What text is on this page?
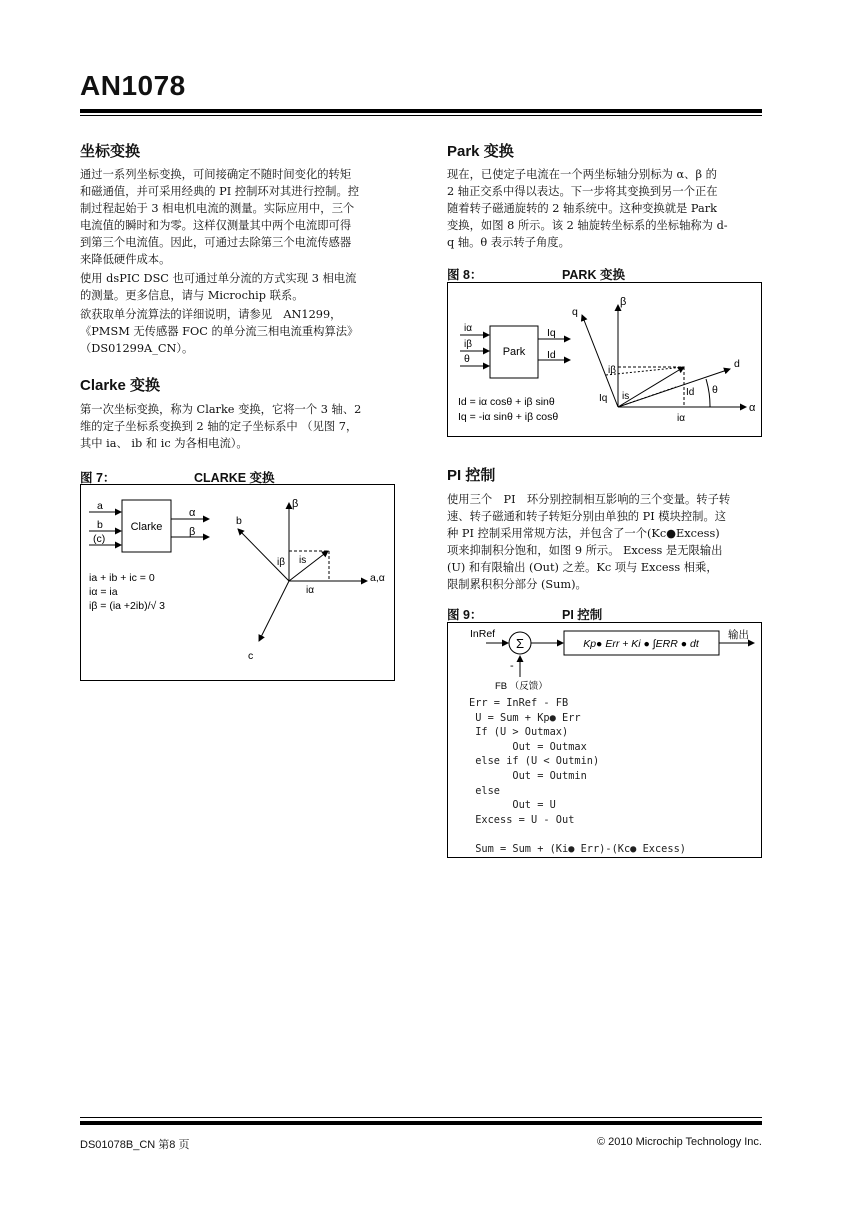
AN1078
坐标变换
通过一系列坐标变换，可间接确定不随时间变化的转矩
和磁通值，并可采用经典的 PI 控制环对其进行控制。控
制过程起始于 3 相电机电流的测量。实际应用中，三个
电流值的瞬时和为零。这样仅测量其中两个电流即可得
到第三个电流值。因此，可通过去除第三个电流传感器
来降低硬件成本。
使用 dsPIC DSC 也可通过单分流的方式实现 3 相电流
的测量。更多信息，请与 Microchip 联系。
欲获取单分流算法的详细说明，请参见　AN1299，
《PMSM 无传感器 FOC 的单分流三相电流重构算法》
（DS01299A_CN）。
Clarke 变换
第一次坐标变换，称为 Clarke 变换，它将一个 3 轴、2
维的定子坐标系变换到 2 轴的定子坐标系中 （见图 7，
其中 ia、 ib 和 ic 为各相电流）。
图 7：	CLARKE 变换
a
b
(c)
Clarke
α
β
ia + ib + ic = 0
iα = ia
iβ = (ia +2ib)/√ 3
β
b
c
a,α
is
iβ
iα
Park 变换
现在，已使定子电流在一个两坐标轴分别标为 α、β 的
2 轴正交系中得以表达。下一步将其变换到另一个正在
随着转子磁通旋转的 2 轴系统中。这种变换就是 Park
变换，如图 8 所示。该 2 轴旋转坐标系的坐标轴称为 d-
q 轴。θ 表示转子角度。
图 8：	PARK 变换
iα
iβ
θ
Park
Iq
Id
Id = iα cosθ + iβ sinθ
Iq = -iα sinθ + iβ cosθ
β
q
d
α
θ
Id
Iq is
iβ
iα
PI 控制
使用三个　PI　环分别控制相互影响的三个变量。转子转
速、转子磁通和转子转矩分别由单独的 PI 模块控制。这
种 PI 控制采用常规方法，并包含了一个(Kc●Excess)
项来抑制积分饱和，如图 9 所示。 Excess 是无限输出
(U) 和有限输出 (Out) 之差。Kc 项与 Excess 相乘，
限制累积积分部分 (Sum)。
图 9：	PI 控制
InRef
Σ
-
Kp● Err + Ki ● ∫ERR ● dt
输出
FB （反馈）
Err = InRef - FB
U = Sum + Kp● Err
If (U > Outmax)
Out = Outmax
else if (U < Outmin)
Out = Outmin
else
Out = U
Excess = U - Out

Sum = Sum + (Ki● Err)-(Kc● Excess)
DS01078B_CN 第8 页	© 2010 Microchip Technology Inc.
